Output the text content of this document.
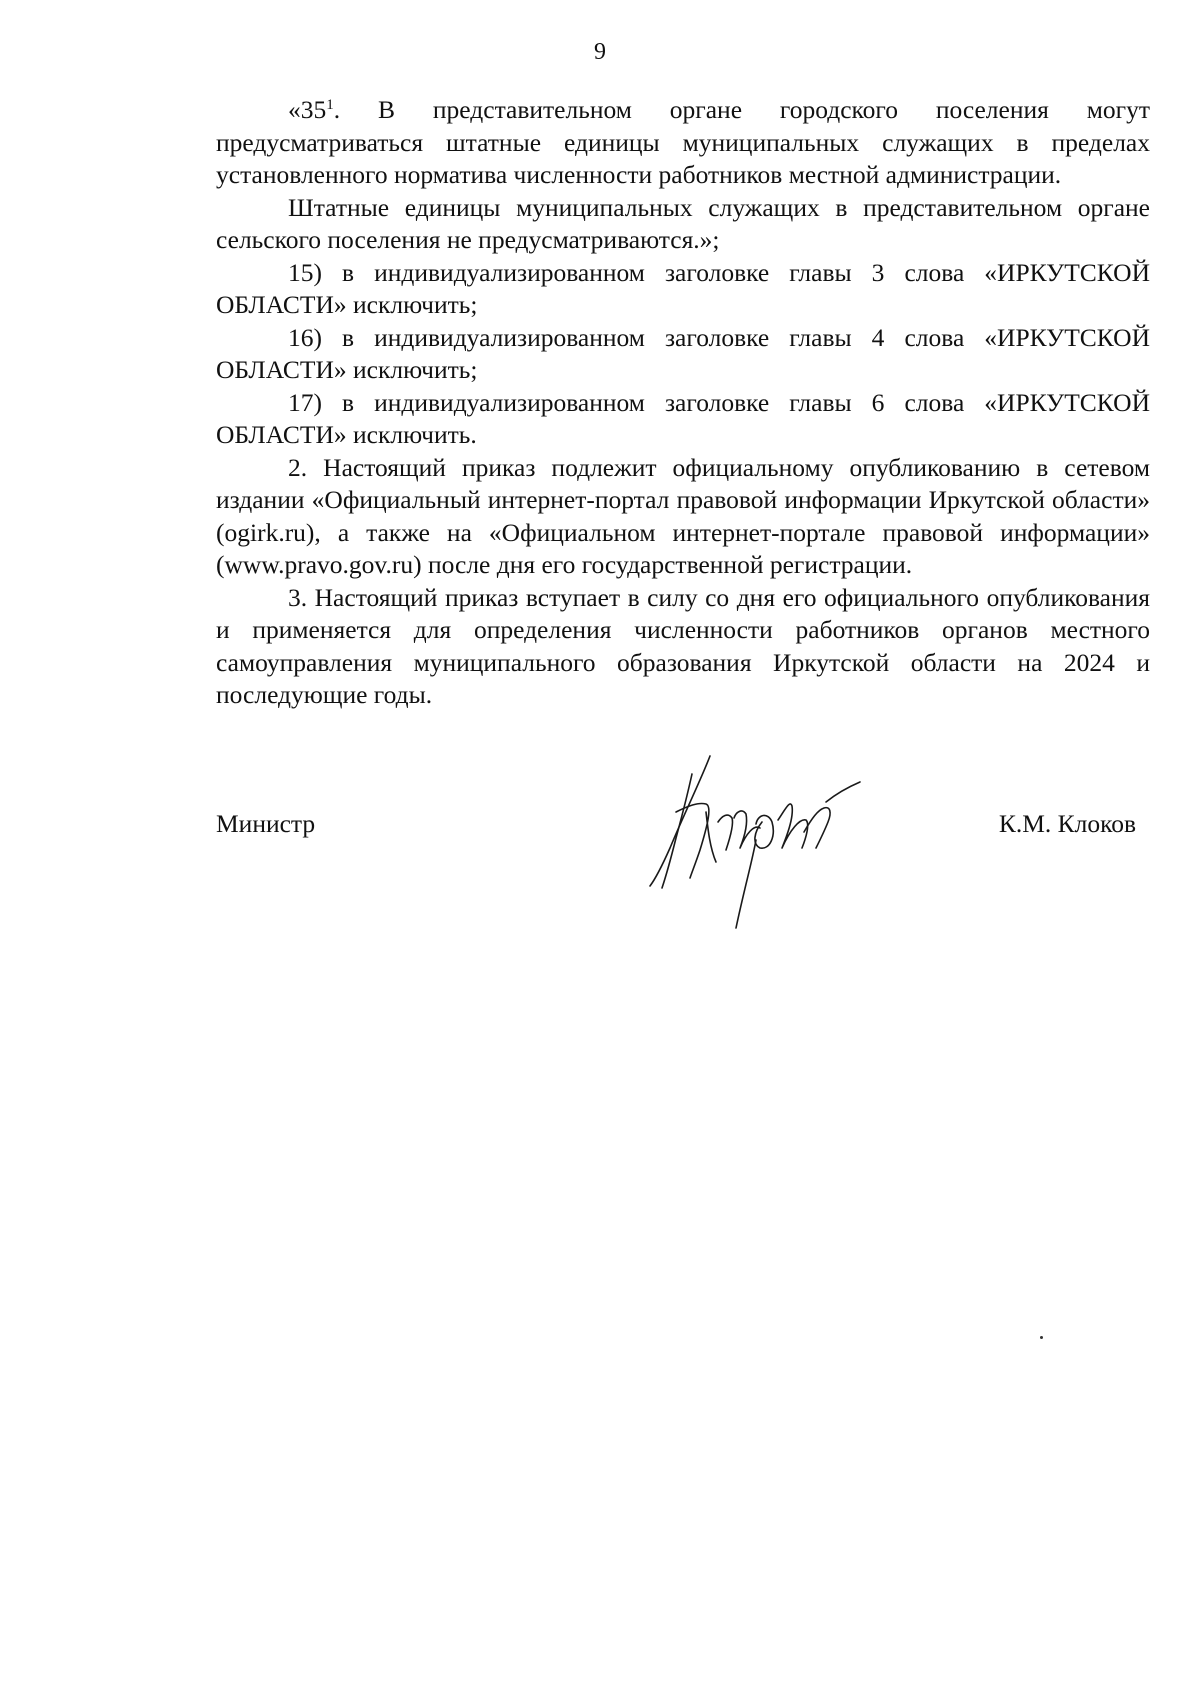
9

«$35^1$. В представительном органе городского поселения могут предусматриваться штатные единицы муниципальных служащих в пределах установленного норматива численности работников местной администрации.

Штатные единицы муниципальных служащих в представительном органе сельского поселения не предусматриваются.»;

15) в индивидуализированном заголовке главы 3 слова «ИРКУТСКОЙ ОБЛАСТИ» исключить;

16) в индивидуализированном заголовке главы 4 слова «ИРКУТСКОЙ ОБЛАСТИ» исключить;

17) в индивидуализированном заголовке главы 6 слова «ИРКУТСКОЙ ОБЛАСТИ» исключить.

2. Настоящий приказ подлежит официальному опубликованию в сетевом издании «Официальный интернет-портал правовой информации Иркутской области» (ogirk.ru), а также на «Официальном интернет-портале правовой информации» (www.pravo.gov.ru) после дня его государственной регистрации.

3. Настоящий приказ вступает в силу со дня его официального опубликования и применяется для определения численности работников органов местного самоуправления муниципального образования Иркутской области на 2024 и последующие годы.

Министр	К.М. Клоков
